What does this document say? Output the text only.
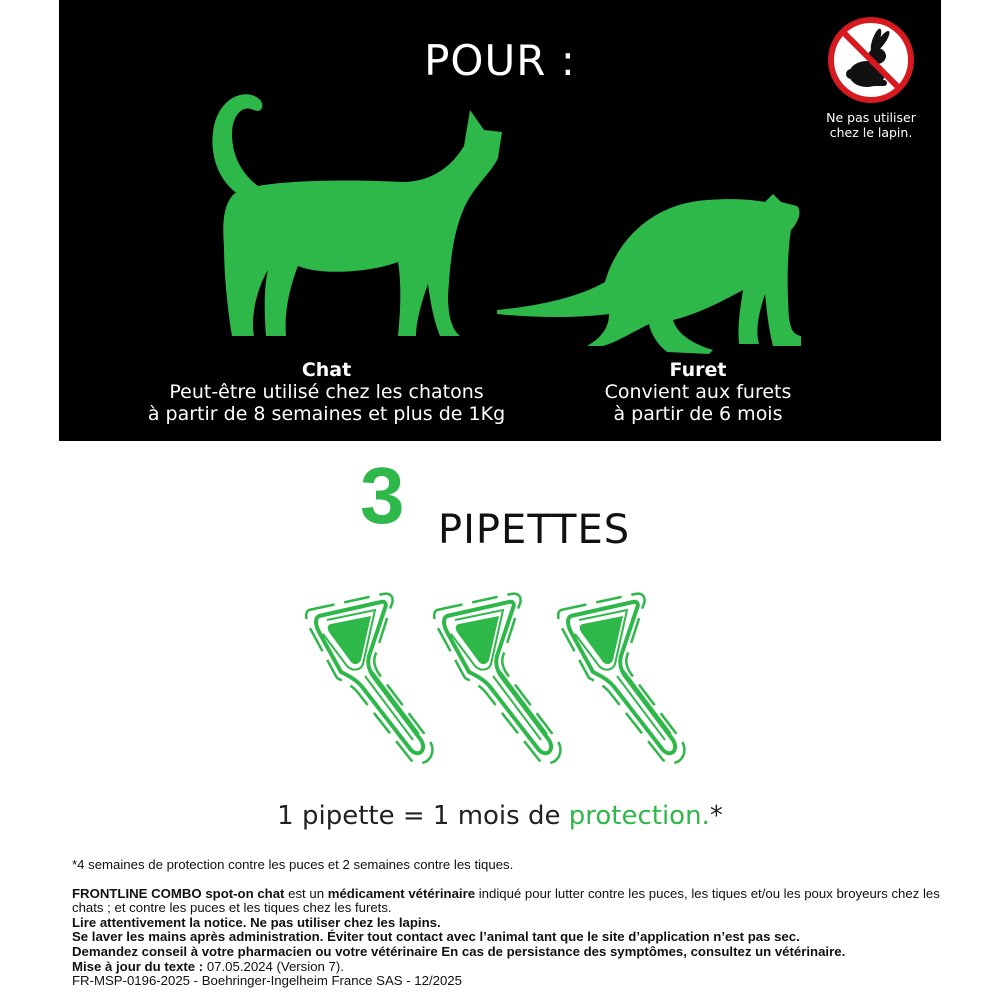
POUR :
Ne pas utiliser
chez le lapin.
Chat
Peut-être utilisé chez les chatons
à partir de 8 semaines et plus de 1Kg
Furet
Convient aux furets
à partir de 6 mois
3 PIPETTES
1 pipette = 1 mois de protection.*

*4 semaines de protection contre les puces et 2 semaines contre les tiques.

FRONTLINE COMBO spot-on chat est un médicament vétérinaire indiqué pour lutter contre les puces, les tiques et/ou les poux broyeurs chez les chats ; et contre les puces et les tiques chez les furets.

Lire attentivement la notice. Ne pas utiliser chez les lapins.

Se laver les mains après administration. Éviter tout contact avec l’animal tant que le site d’application n’est pas sec.

Demandez conseil à votre pharmacien ou votre vétérinaire En cas de persistance des symptômes, consultez un vétérinaire.

Mise à jour du texte : 07.05.2024 (Version 7).

FR-MSP-0196-2025 - Boehringer-Ingelheim France SAS - 12/2025
